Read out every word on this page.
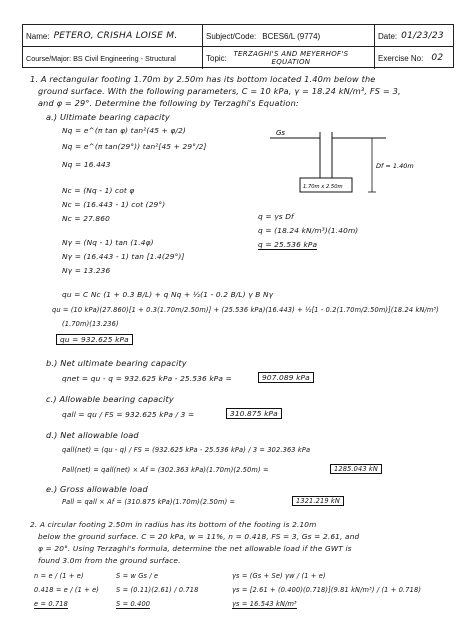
Name: PETERO, CRISHA LOISE M.	Subject/Code: BCES6/L (9774)	Date: 01/23/23
Course/Major: BS Civil Engineering - Structural	Topic: TERZAGHI'S AND MEYERHOF'S EQUATION	Exercise No: 02
1. A rectangular footing 1.70m by 2.50m has its bottom located 1.40m below the
ground surface. With the following parameters, C = 10 kPa, γ = 18.24 kN/m³, FS = 3,
and φ = 29°. Determine the following by Terzaghi's Equation:
a.) Ultimate bearing capacity
Nq = e^(π tan φ) tan²(45 + φ/2)
Nq = e^(π tan(29°)) tan²[45 + 29°/2]
Nq = 16.443
Nc = (Nq - 1) cot φ
Nc = (16.443 - 1) cot (29°)
Nc = 27.860
Nγ = (Nq - 1) tan (1.4φ)
Nγ = (16.443 - 1) tan [1.4(29°)]
Nγ = 13.236
Gs
Df = 1.40m
1.70m x 2.50m
q = γs Df
q = (18.24 kN/m³)(1.40m)
q = 25.536 kPa
qu = C Nc (1 + 0.3 B/L) + q Nq + ½(1 - 0.2 B/L) γ B Nγ
qu = (10 kPa)(27.860)[1 + 0.3(1.70m/2.50m)] + (25.536 kPa)(16.443) + ½[1 - 0.2(1.70m/2.50m)](18.24 kN/m³)
(1.70m)(13.236)
qu = 932.625 kPa
b.) Net ultimate bearing capacity
qnet = qu - q = 932.625 kPa - 25.536 kPa =	907.089 kPa
c.) Allowable bearing capacity
qall = qu / FS = 932.625 kPa / 3 =	310.875 kPa
d.) Net allowable load
qall(net) = (qu - q) / FS = (932.625 kPa - 25.536 kPa) / 3 = 302.363 kPa
Pall(net) = qall(net) × Af = (302.363 kPa)(1.70m)(2.50m) =	1285.043 kN
e.) Gross allowable load
Pall = qall × Af = (310.875 kPa)(1.70m)(2.50m) =	1321.219 kN
2. A circular footing 2.50m in radius has its bottom of the footing is 2.10m
below the ground surface. C = 20 kPa, w = 11%, n = 0.418, FS = 3, Gs = 2.61, and
φ = 20°. Using Terzaghi's formula, determine the net allowable load if the GWT is
found 3.0m from the ground surface.
n = e / (1 + e)
0.418 = e / (1 + e)
e = 0.718
S = w Gs / e
S = (0.11)(2.61) / 0.718
S = 0.400
γs = (Gs + Se) γw / (1 + e)
γs = [2.61 + (0.400)(0.718)](9.81 kN/m³) / (1 + 0.718)
γs = 16.543 kN/m³
